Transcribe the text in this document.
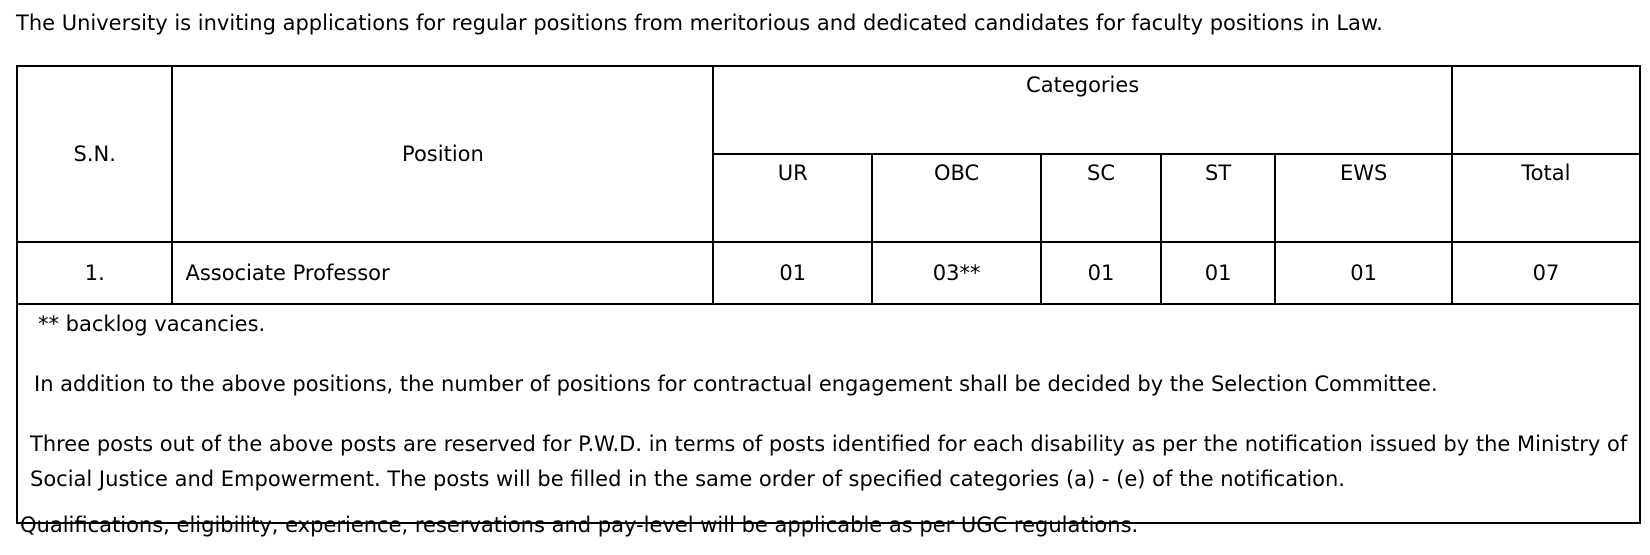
The University is inviting applications for regular positions from meritorious and dedicated candidates for faculty positions in Law.
S.N.	Position	Categories					
		UR	OBC	SC	ST	EWS	Total
1.	Associate Professor	01	03**	01	01	01	07

** backlog vacancies.
In addition to the above positions, the number of positions for contractual engagement shall be decided by the Selection Committee.
Three posts out of the above posts are reserved for P.W.D. in terms of posts identified for each disability as per the notification issued by the Ministry of Social Justice and Empowerment. The posts will be filled in the same order of specified categories (a) - (e) of the notification.							
Qualifications, eligibility, experience, reservations and pay-level will be applicable as per UGC regulations.
